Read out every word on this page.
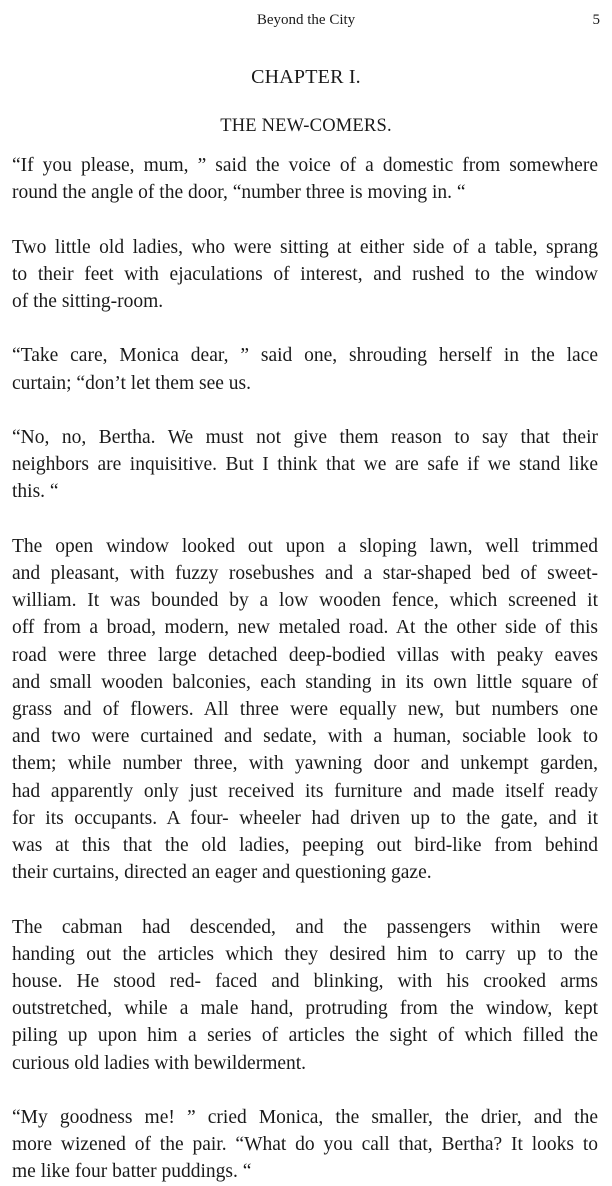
Beyond the City	5
CHAPTER I.
THE NEW-COMERS.
“If you please, mum, ” said the voice of a domestic from somewhere
round the angle of the door, “number three is moving in. “
Two little old ladies, who were sitting at either side of a table, sprang
to their feet with ejaculations of interest, and rushed to the window
of the sitting-room.
“Take care, Monica dear, ” said one, shrouding herself in the lace
curtain; “don’t let them see us.
“No, no, Bertha. We must not give them reason to say that their
neighbors are inquisitive. But I think that we are safe if we stand like
this. “
The open window looked out upon a sloping lawn, well trimmed
and pleasant, with fuzzy rosebushes and a star-shaped bed of sweet-
william. It was bounded by a low wooden fence, which screened it
off from a broad, modern, new metaled road. At the other side of this
road were three large detached deep-bodied villas with peaky eaves
and small wooden balconies, each standing in its own little square of
grass and of flowers. All three were equally new, but numbers one
and two were curtained and sedate, with a human, sociable look to
them; while number three, with yawning door and unkempt garden,
had apparently only just received its furniture and made itself ready
for its occupants. A four- wheeler had driven up to the gate, and it
was at this that the old ladies, peeping out bird-like from behind
their curtains, directed an eager and questioning gaze.
The cabman had descended, and the passengers within were
handing out the articles which they desired him to carry up to the
house. He stood red- faced and blinking, with his crooked arms
outstretched, while a male hand, protruding from the window, kept
piling up upon him a series of articles the sight of which filled the
curious old ladies with bewilderment.
“My goodness me! ” cried Monica, the smaller, the drier, and the
more wizened of the pair. “What do you call that, Bertha? It looks to
me like four batter puddings. “
